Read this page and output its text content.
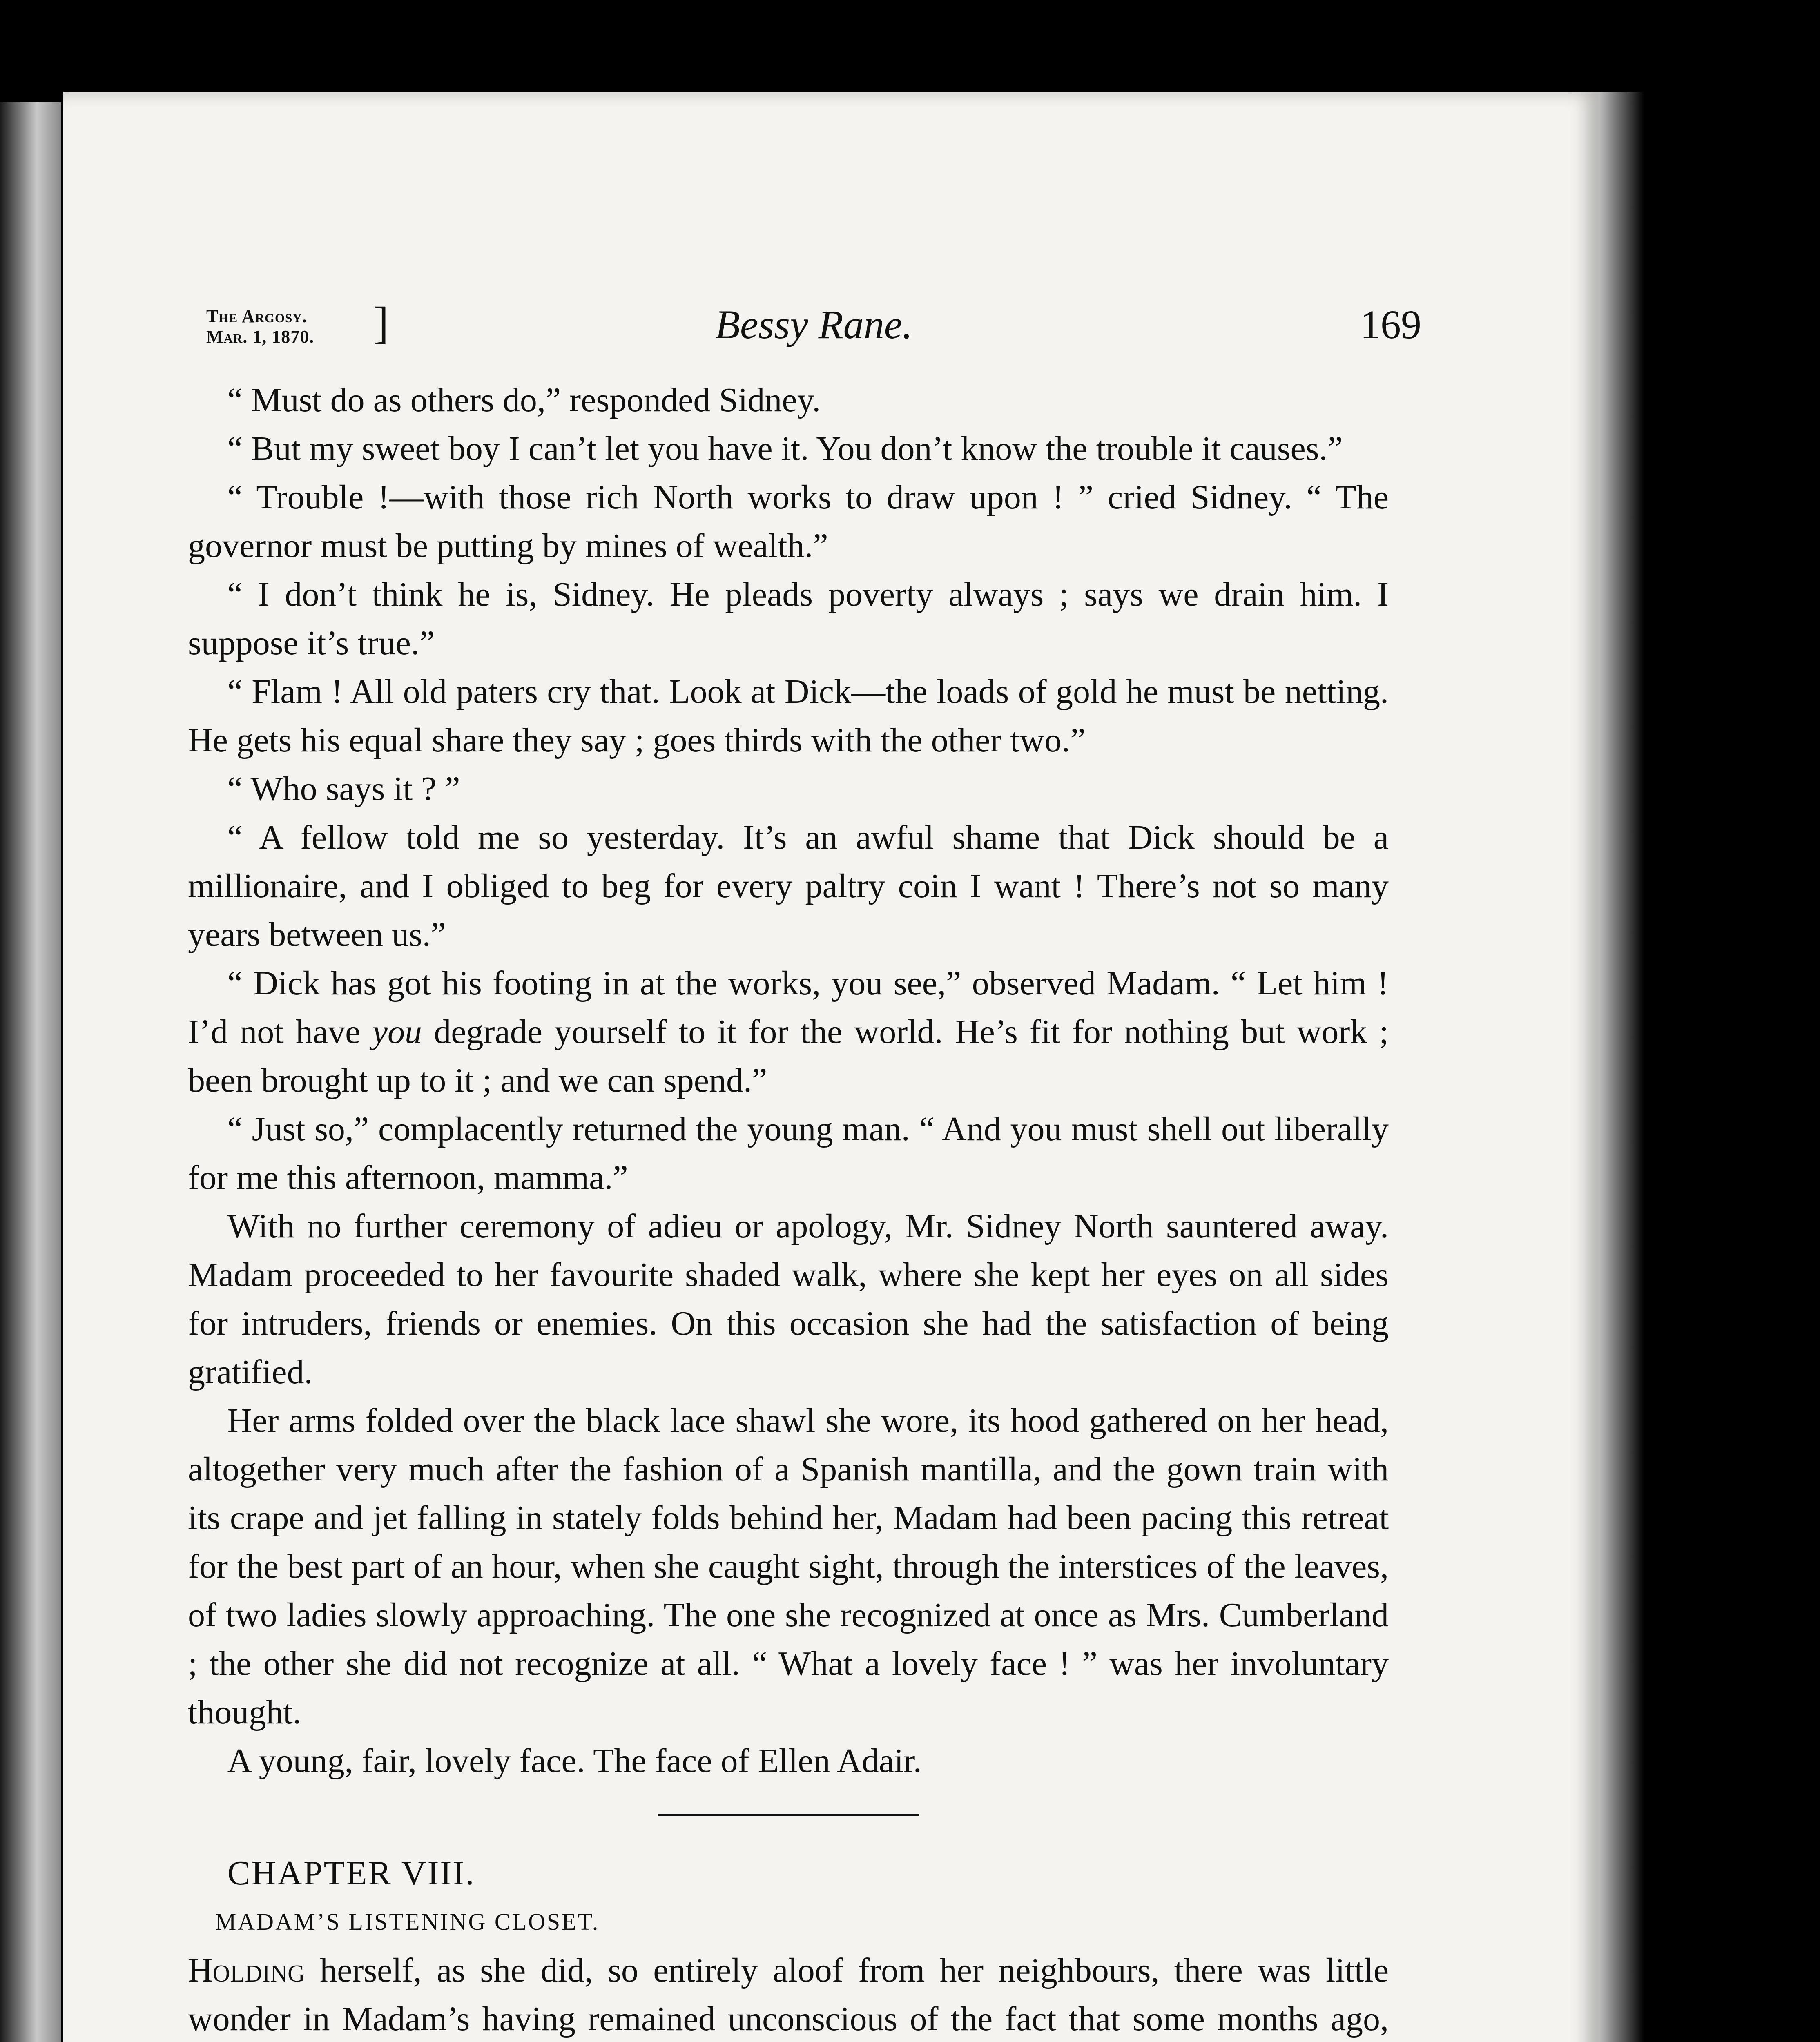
The Argosy.
Mar. 1, 1870. ]	Bessy Rane.	169

“ Must do as others do,” responded Sidney.

“ But my sweet boy I can’t let you have it. You don’t know the trouble it causes.”

“ Trouble !—with those rich North works to draw upon ! ” cried Sidney. “ The governor must be putting by mines of wealth.”

“ I don’t think he is, Sidney. He pleads poverty always ; says we drain him. I suppose it’s true.”

“ Flam ! All old paters cry that. Look at Dick—the loads of gold he must be netting. He gets his equal share they say ; goes thirds with the other two.”

“ Who says it ? ”

“ A fellow told me so yesterday. It’s an awful shame that Dick should be a millionaire, and I obliged to beg for every paltry coin I want ! There’s not so many years between us.”

“ Dick has got his footing in at the works, you see,” observed Madam. “ Let him ! I’d not have you degrade yourself to it for the world. He’s fit for nothing but work ; been brought up to it ; and we can spend.”

“ Just so,” complacently returned the young man. “ And you must shell out liberally for me this afternoon, mamma.”

With no further ceremony of adieu or apology, Mr. Sidney North sauntered away. Madam proceeded to her favourite shaded walk, where she kept her eyes on all sides for intruders, friends or enemies. On this occasion she had the satisfaction of being gratified.

Her arms folded over the black lace shawl she wore, its hood gathered on her head, altogether very much after the fashion of a Spanish mantilla, and the gown train with its crape and jet falling in stately folds behind her, Madam had been pacing this retreat for the best part of an hour, when she caught sight, through the interstices of the leaves, of two ladies slowly approaching. The one she recognized at once as Mrs. Cumberland ; the other she did not recognize at all. “ What a lovely face ! ” was her involuntary thought.

A young, fair, lovely face. The face of Ellen Adair.

CHAPTER VIII.

MADAM’S LISTENING CLOSET.

Holding herself, as she did, so entirely aloof from her neighbours, there was little wonder in Madam’s having remained unconscious of the fact that some months ago,
